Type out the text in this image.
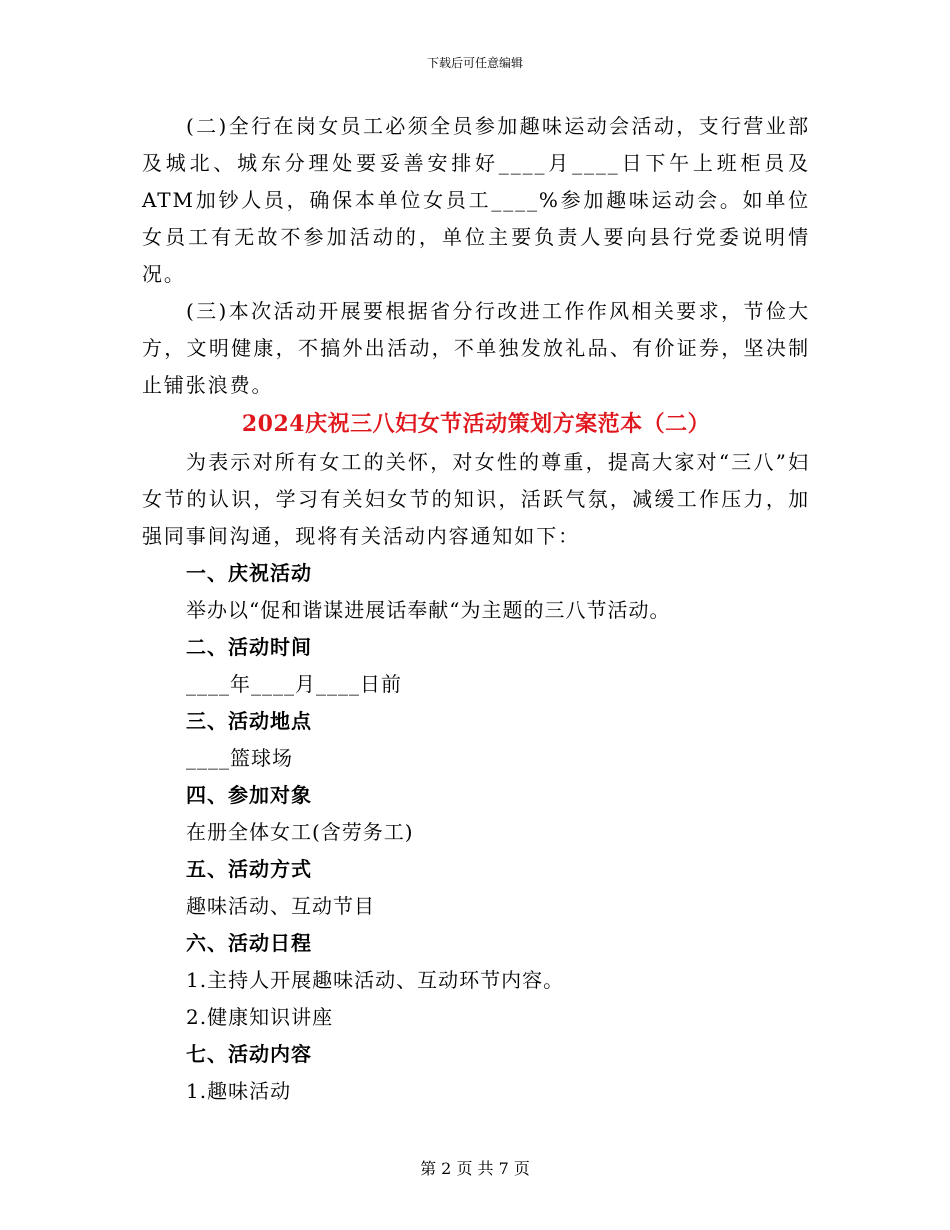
下载后可任意编辑

(二)全行在岗女员工必须全员参加趣味运动会活动，支行营业部及城北、城东分理处要妥善安排好____月____日下午上班柜员及ATM加钞人员，确保本单位女员工____%参加趣味运动会。如单位女员工有无故不参加活动的，单位主要负责人要向县行党委说明情况。

(三)本次活动开展要根据省分行改进工作作风相关要求，节俭大方，文明健康，不搞外出活动，不单独发放礼品、有价证券，坚决制止铺张浪费。

2024庆祝三八妇女节活动策划方案范本（二）

为表示对所有女工的关怀，对女性的尊重，提高大家对“三八”妇女节的认识，学习有关妇女节的知识，活跃气氛，减缓工作压力，加强同事间沟通，现将有关活动内容通知如下：

一、庆祝活动

举办以“促和谐谋进展话奉献“为主题的三八节活动。

二、活动时间

____年____月____日前

三、活动地点

____篮球场

四、参加对象

在册全体女工(含劳务工)

五、活动方式

趣味活动、互动节目

六、活动日程

1.主持人开展趣味活动、互动环节内容。

2.健康知识讲座

七、活动内容

1.趣味活动

第 2 页 共 7 页
